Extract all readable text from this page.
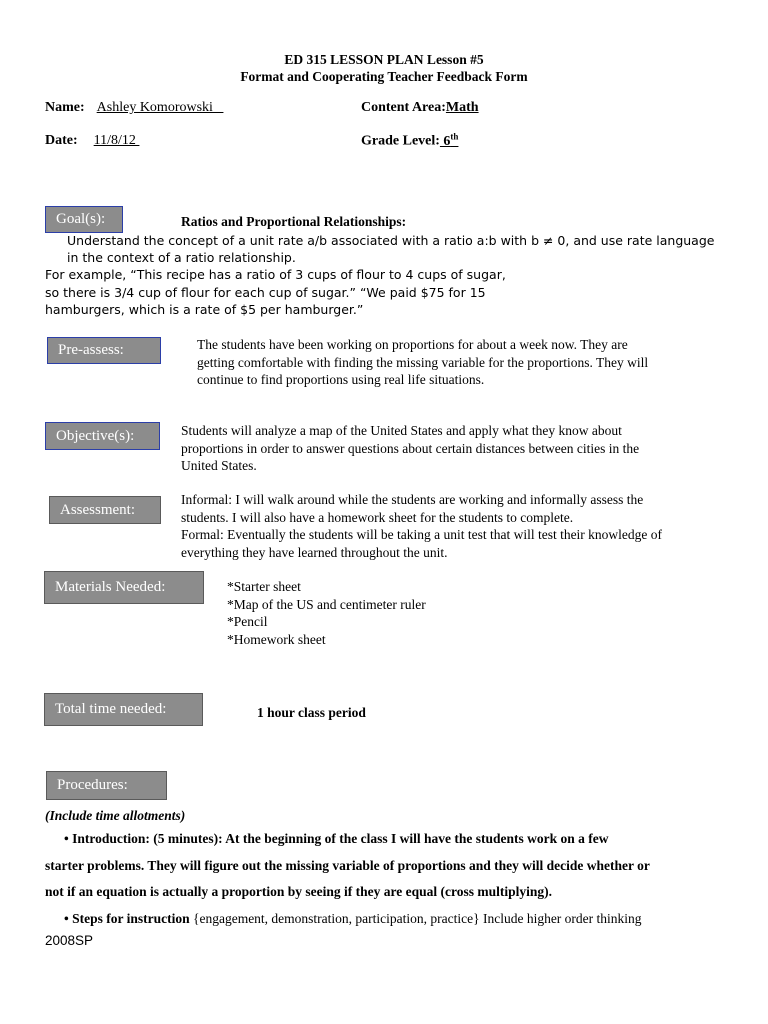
ED 315 LESSON PLAN Lesson #5
Format and Cooperating Teacher Feedback Form
Name: Ashley Komorowski	Content Area:Math
Date: 11/8/12	Grade Level: 6th
Goal(s):	Ratios and Proportional Relationships:
Understand the concept of a unit rate a/b associated with a ratio a:b with b ≠ 0, and use rate language
in the context of a ratio relationship.
For example, “This recipe has a ratio of 3 cups of flour to 4 cups of sugar,
so there is 3/4 cup of flour for each cup of sugar.” “We paid $75 for 15
hamburgers, which is a rate of $5 per hamburger.”
Pre-assess:	The students have been working on proportions for about a week now. They are
getting comfortable with finding the missing variable for the proportions. They will
continue to find proportions using real life situations.
Objective(s):	Students will analyze a map of the United States and apply what they know about
proportions in order to answer questions about certain distances between cities in the
United States.
Assessment:
Informal: I will walk around while the students are working and informally assess the
students. I will also have a homework sheet for the students to complete.
Formal: Eventually the students will be taking a unit test that will test their knowledge of
everything they have learned throughout the unit.
Materials Needed:	*Starter sheet
*Map of the US and centimeter ruler
*Pencil
*Homework sheet
Total time needed:	1 hour class period
Procedures:
(Include time allotments)
• Introduction: (5 minutes): At the beginning of the class I will have the students work on a few
starter problems. They will figure out the missing variable of proportions and they will decide whether or
not if an equation is actually a proportion by seeing if they are equal (cross multiplying).
• Steps for instruction {engagement, demonstration, participation, practice} Include higher order thinking
2008SP
